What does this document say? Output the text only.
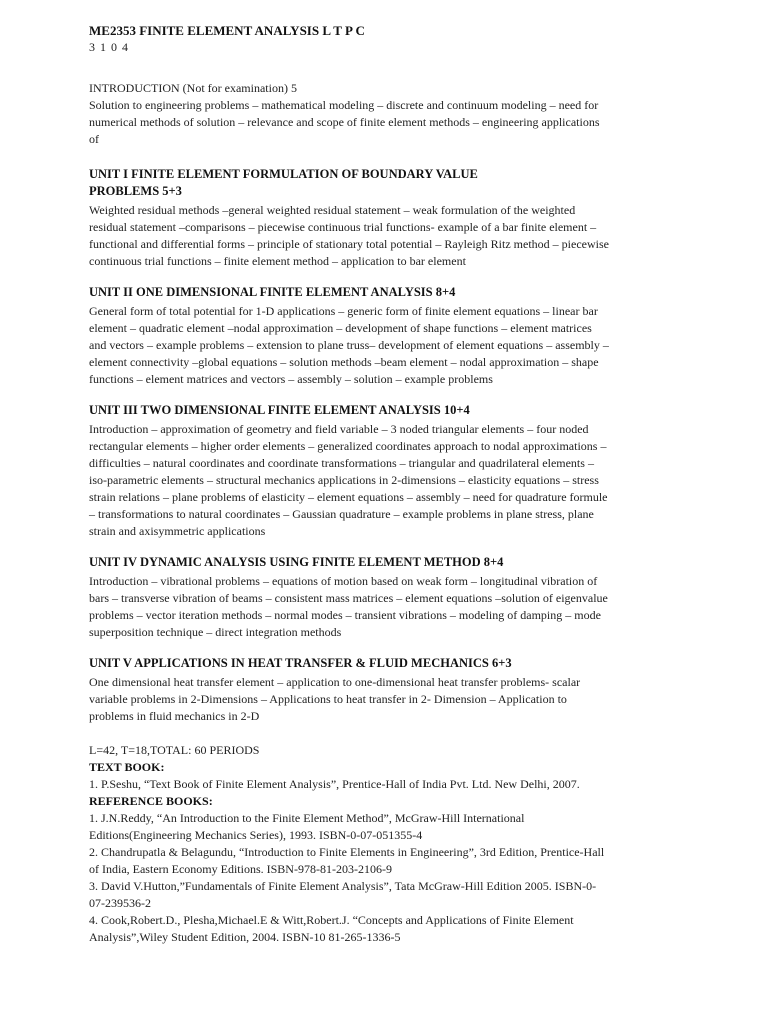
ME2353 FINITE ELEMENT ANALYSIS L T P C

3 1 0 4

INTRODUCTION (Not for examination) 5

Solution to engineering problems – mathematical modeling – discrete and continuum modeling – need for numerical methods of solution – relevance and scope of finite element methods – engineering applications of

UNIT I FINITE ELEMENT FORMULATION OF BOUNDARY VALUE PROBLEMS 5+3

Weighted residual methods –general weighted residual statement – weak formulation of the weighted residual statement –comparisons – piecewise continuous trial functions- example of a bar finite element – functional and differential forms – principle of stationary total potential – Rayleigh Ritz method – piecewise continuous trial functions – finite element method – application to bar element

UNIT II ONE DIMENSIONAL FINITE ELEMENT ANALYSIS 8+4

General form of total potential for 1-D applications – generic form of finite element equations – linear bar element – quadratic element –nodal approximation – development of shape functions – element matrices and vectors – example problems – extension to plane truss– development of element equations – assembly – element connectivity –global equations – solution methods –beam element – nodal approximation – shape functions – element matrices and vectors – assembly – solution – example problems

UNIT III TWO DIMENSIONAL FINITE ELEMENT ANALYSIS 10+4

Introduction – approximation of geometry and field variable – 3 noded triangular elements – four noded rectangular elements – higher order elements – generalized coordinates approach to nodal approximations – difficulties – natural coordinates and coordinate transformations – triangular and quadrilateral elements – iso-parametric elements – structural mechanics applications in 2-dimensions – elasticity equations – stress strain relations – plane problems of elasticity – element equations – assembly – need for quadrature formule – transformations to natural coordinates – Gaussian quadrature – example problems in plane stress, plane strain and axisymmetric applications

UNIT IV DYNAMIC ANALYSIS USING FINITE ELEMENT METHOD 8+4

Introduction – vibrational problems – equations of motion based on weak form – longitudinal vibration of bars – transverse vibration of beams – consistent mass matrices – element equations –solution of eigenvalue problems – vector iteration methods – normal modes – transient vibrations – modeling of damping – mode superposition technique – direct integration methods

UNIT V APPLICATIONS IN HEAT TRANSFER & FLUID MECHANICS 6+3

One dimensional heat transfer element – application to one-dimensional heat transfer problems- scalar variable problems in 2-Dimensions – Applications to heat transfer in 2- Dimension – Application to problems in fluid mechanics in 2-D

L=42, T=18,TOTAL: 60 PERIODS

TEXT BOOK:

1. P.Seshu, “Text Book of Finite Element Analysis”, Prentice-Hall of India Pvt. Ltd. New Delhi, 2007.

REFERENCE BOOKS:

1. J.N.Reddy, “An Introduction to the Finite Element Method”, McGraw-Hill International Editions(Engineering Mechanics Series), 1993. ISBN-0-07-051355-4

2. Chandrupatla & Belagundu, “Introduction to Finite Elements in Engineering”, 3rd Edition, Prentice-Hall of India, Eastern Economy Editions. ISBN-978-81-203-2106-9

3. David V.Hutton,”Fundamentals of Finite Element Analysis”, Tata McGraw-Hill Edition 2005. ISBN-0-07-239536-2

4. Cook,Robert.D., Plesha,Michael.E & Witt,Robert.J. “Concepts and Applications of Finite Element Analysis”,Wiley Student Edition, 2004. ISBN-10 81-265-1336-5
